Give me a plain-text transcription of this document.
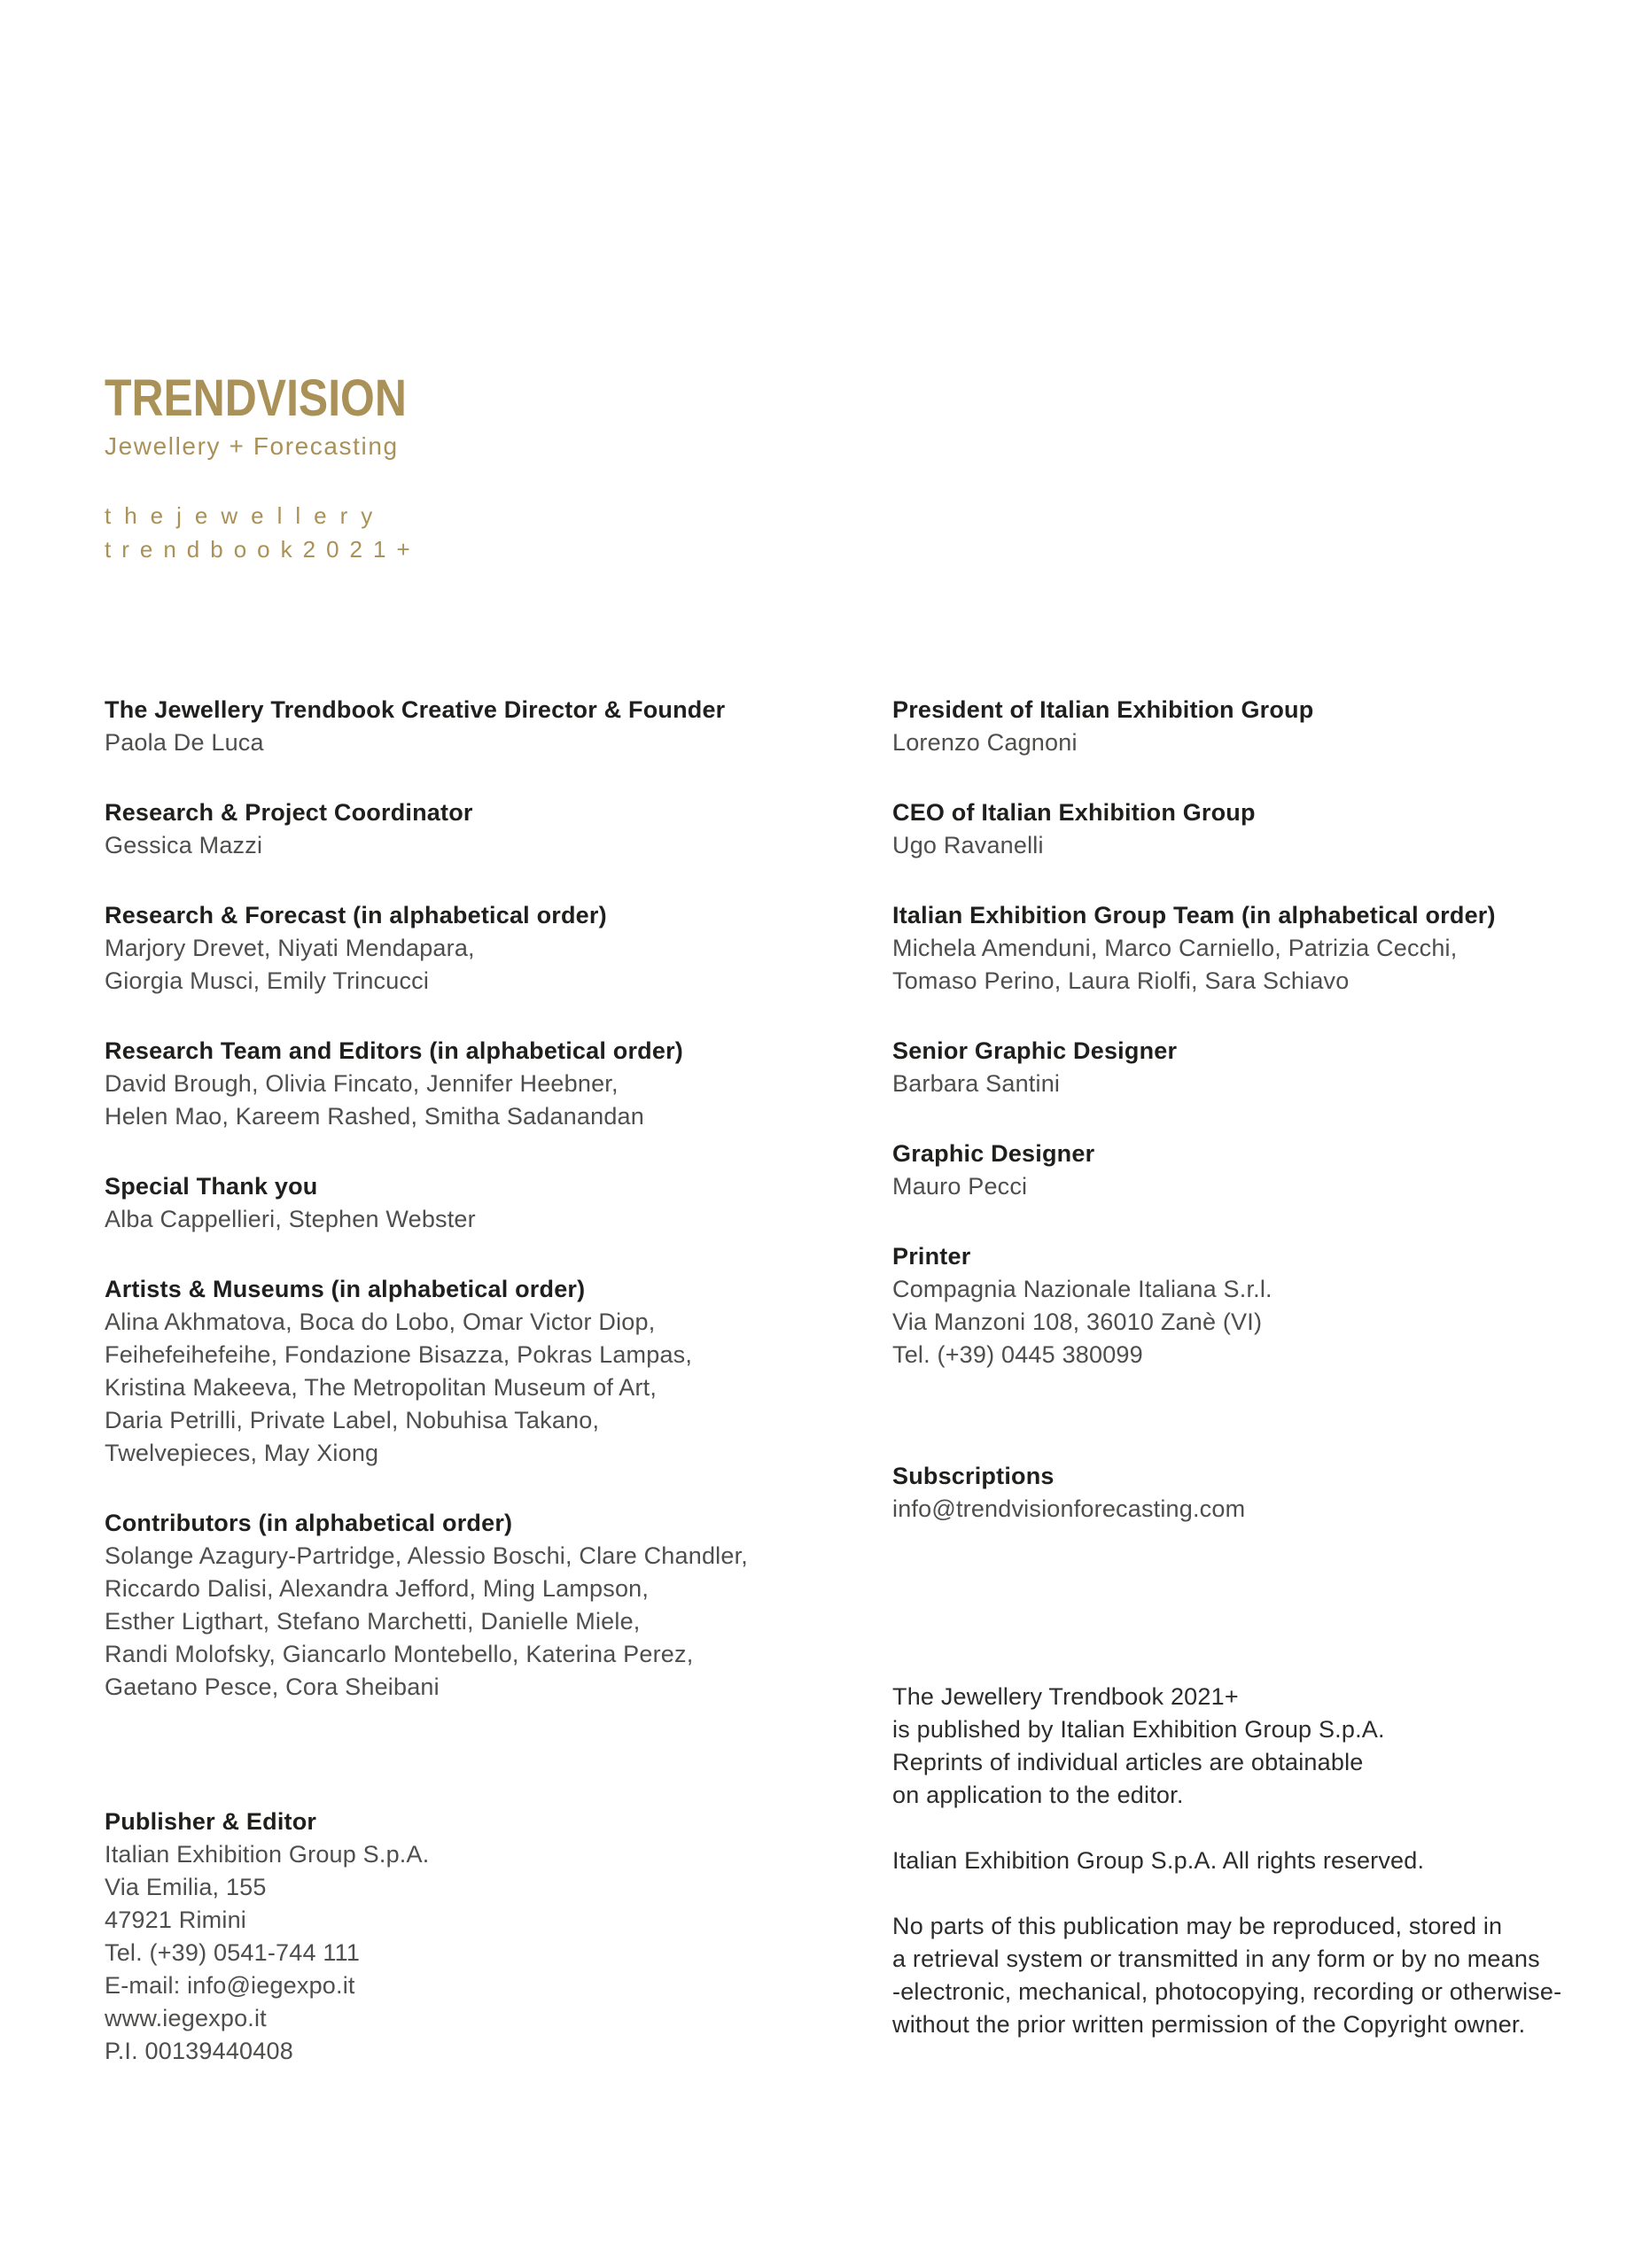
TRENDVISION
Jewellery + Forecasting
thejewellery
trendbook2021+
The Jewellery Trendbook Creative Director & Founder
Paola De Luca
Research & Project Coordinator
Gessica Mazzi
Research & Forecast (in alphabetical order)
Marjory Drevet, Niyati Mendapara,
Giorgia Musci, Emily Trincucci
Research Team and Editors (in alphabetical order)
David Brough, Olivia Fincato, Jennifer Heebner,
Helen Mao, Kareem Rashed, Smitha Sadanandan
Special Thank you
Alba Cappellieri, Stephen Webster
Artists & Museums (in alphabetical order)
Alina Akhmatova, Boca do Lobo, Omar Victor Diop,
Feihefeihefeihe, Fondazione Bisazza, Pokras Lampas,
Kristina Makeeva, The Metropolitan Museum of Art,
Daria Petrilli, Private Label, Nobuhisa Takano,
Twelvepieces, May Xiong
Contributors (in alphabetical order)
Solange Azagury-Partridge, Alessio Boschi, Clare Chandler,
Riccardo Dalisi, Alexandra Jefford, Ming Lampson,
Esther Ligthart, Stefano Marchetti, Danielle Miele,
Randi Molofsky, Giancarlo Montebello, Katerina Perez,
Gaetano Pesce, Cora Sheibani
Publisher & Editor
Italian Exhibition Group S.p.A.
Via Emilia, 155
47921 Rimini
Tel. (+39) 0541-744 111
E-mail: info@iegexpo.it
www.iegexpo.it
P.I. 00139440408
President of Italian Exhibition Group
Lorenzo Cagnoni
CEO of Italian Exhibition Group
Ugo Ravanelli
Italian Exhibition Group Team (in alphabetical order)
Michela Amenduni, Marco Carniello, Patrizia Cecchi,
Tomaso Perino, Laura Riolfi, Sara Schiavo
Senior Graphic Designer
Barbara Santini
Graphic Designer
Mauro Pecci
Printer
Compagnia Nazionale Italiana S.r.l.
Via Manzoni 108, 36010 Zanè (VI)
Tel. (+39) 0445 380099
Subscriptions
info@trendvisionforecasting.com
The Jewellery Trendbook 2021+
is published by Italian Exhibition Group S.p.A.
Reprints of individual articles are obtainable
on application to the editor.
Italian Exhibition Group S.p.A. All rights reserved.
No parts of this publication may be reproduced, stored in
a retrieval system or transmitted in any form or by no means
-electronic, mechanical, photocopying, recording or otherwise-
without the prior written permission of the Copyright owner.
